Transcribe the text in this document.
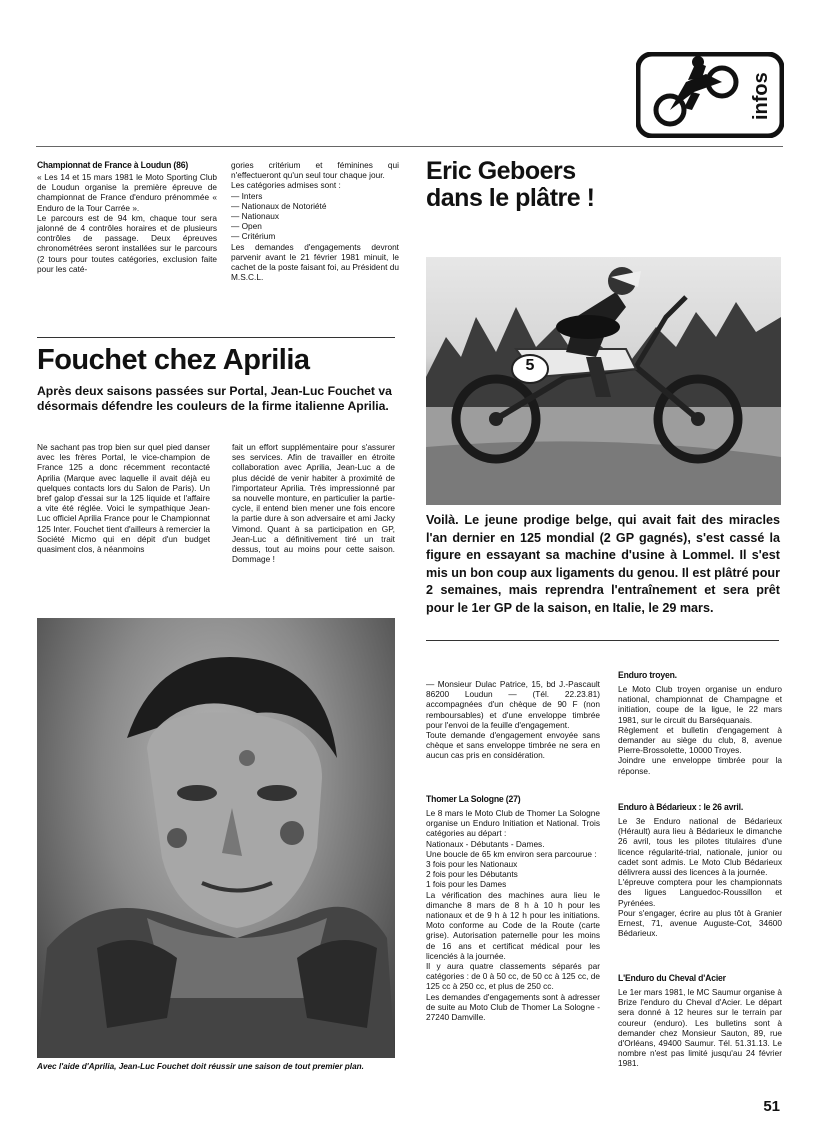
infos
Championnat de France à Loudun (86)

« Les 14 et 15 mars 1981 le Moto Sporting Club de Loudun organise la première épreuve de championnat de France d'enduro prénommée « Enduro de la Tour Carrée ».

Le parcours est de 94 km, chaque tour sera jalonné de 4 contrôles horaires et de plusieurs contrôles de passage. Deux épreuves chronométrées seront installées sur le parcours (2 tours pour toutes catégories, exclusion faite pour les caté-

gories critérium et féminines qui n'effectueront qu'un seul tour chaque jour.

Les catégories admises sont :

— Inters

— Nationaux de Notoriété

— Nationaux

— Open

— Critérium

Les demandes d'engagements devront parvenir avant le 21 février 1981 minuit, le cachet de la poste faisant foi, au Président du M.S.C.L.

Eric Geboers
dans le plâtre !
5
Voilà. Le jeune prodige belge, qui avait fait des miracles l'an dernier en 125 mondial (2 GP gagnés), s'est cassé la figure en essayant sa machine d'usine à Lommel. Il s'est mis un bon coup aux ligaments du genou. Il est plâtré pour 2 semaines, mais reprendra l'entraînement et sera prêt pour le 1er GP de la saison, en Italie, le 29 mars.
Fouchet chez Aprilia
Après deux saisons passées sur Portal, Jean-Luc Fouchet va désormais défendre les couleurs de la firme italienne Aprilia.
Ne sachant pas trop bien sur quel pied danser avec les frères Portal, le vice-champion de France 125 a donc récemment recontacté Aprilia (Marque avec laquelle il avait déjà eu quelques contacts lors du Salon de Paris). Un bref galop d'essai sur la 125 liquide et l'affaire a vite été réglée. Voici le sympathique Jean-Luc officiel Aprilia France pour le Championnat 125 Inter. Fouchet tient d'ailleurs à remercier la Société Micmo qui en dépit d'un budget quasiment clos, à néanmoins
fait un effort supplémentaire pour s'assurer ses services. Afin de travailler en étroite collaboration avec Aprilia, Jean-Luc a de plus décidé de venir habiter à proximité de l'importateur Aprilia. Très impressionné par sa nouvelle monture, en particulier la partie-cycle, il entend bien mener une fois encore la partie dure à son adversaire et ami Jacky Vimond. Quant à sa participation en GP, Jean-Luc a définitivement tiré un trait dessus, tout au moins pour cette saison. Dommage !
Avec l'aide d'Aprilia, Jean-Luc Fouchet doit réussir une saison de tout premier plan.

— Monsieur Dulac Patrice, 15, bd J.-Pascault 86200 Loudun — (Tél. 22.23.81) accompagnées d'un chèque de 90 F (non remboursables) et d'une enveloppe timbrée pour l'envoi de la feuille d'engagement.

Toute demande d'engagement envoyée sans chèque et sans enveloppe timbrée ne sera en aucun cas pris en considération.

Thomer La Sologne (27)

Le 8 mars le Moto Club de Thomer La Sologne organise un Enduro Initiation et National. Trois catégories au départ :

Nationaux - Débutants - Dames.

Une boucle de 65 km environ sera parcourue :

3 fois pour les Nationaux

2 fois pour les Débutants

1 fois pour les Dames

La vérification des machines aura lieu le dimanche 8 mars de 8 h à 10 h pour les nationaux et de 9 h à 12 h pour les initiations. Moto conforme au Code de la Route (carte grise). Autorisation paternelle pour les moins de 16 ans et certificat médical pour les licenciés à la journée.

Il y aura quatre classements séparés par catégories : de 0 à 50 cc, de 50 cc à 125 cc, de 125 cc à 250 cc, et plus de 250 cc.

Les demandes d'engagements sont à adresser de suite au Moto Club de Thomer La Sologne - 27240 Damville.

Enduro troyen.

Le Moto Club troyen organise un enduro national, championnat de Champagne et initiation, coupe de la ligue, le 22 mars 1981, sur le circuit du Barséquanais.

Règlement et bulletin d'engagement à demander au siège du club, 8, avenue Pierre-Brossolette, 10000 Troyes.

Joindre une enveloppe timbrée pour la réponse.

Enduro à Bédarieux : le 26 avril.

Le 3e Enduro national de Bédarieux (Hérault) aura lieu à Bédarieux le dimanche 26 avril, tous les pilotes titulaires d'une licence régularité-trial, nationale, junior ou cadet sont admis. Le Moto Club Bédarieux délivrera aussi des licences à la journée.

L'épreuve comptera pour les championnats des ligues Languedoc-Roussillon et Pyrénées.

Pour s'engager, écrire au plus tôt à Granier Ernest, 71, avenue Auguste-Cot, 34600 Bédarieux.

L'Enduro du Cheval d'Acier

Le 1er mars 1981, le MC Saumur organise à Brize l'enduro du Cheval d'Acier. Le départ sera donné à 12 heures sur le terrain par coureur (enduro). Les bulletins sont à demander chez Monsieur Sauton, 89, rue d'Orléans, 49400 Saumur. Tél. 51.31.13. Le nombre n'est pas limité jusqu'au 24 février 1981.

51
